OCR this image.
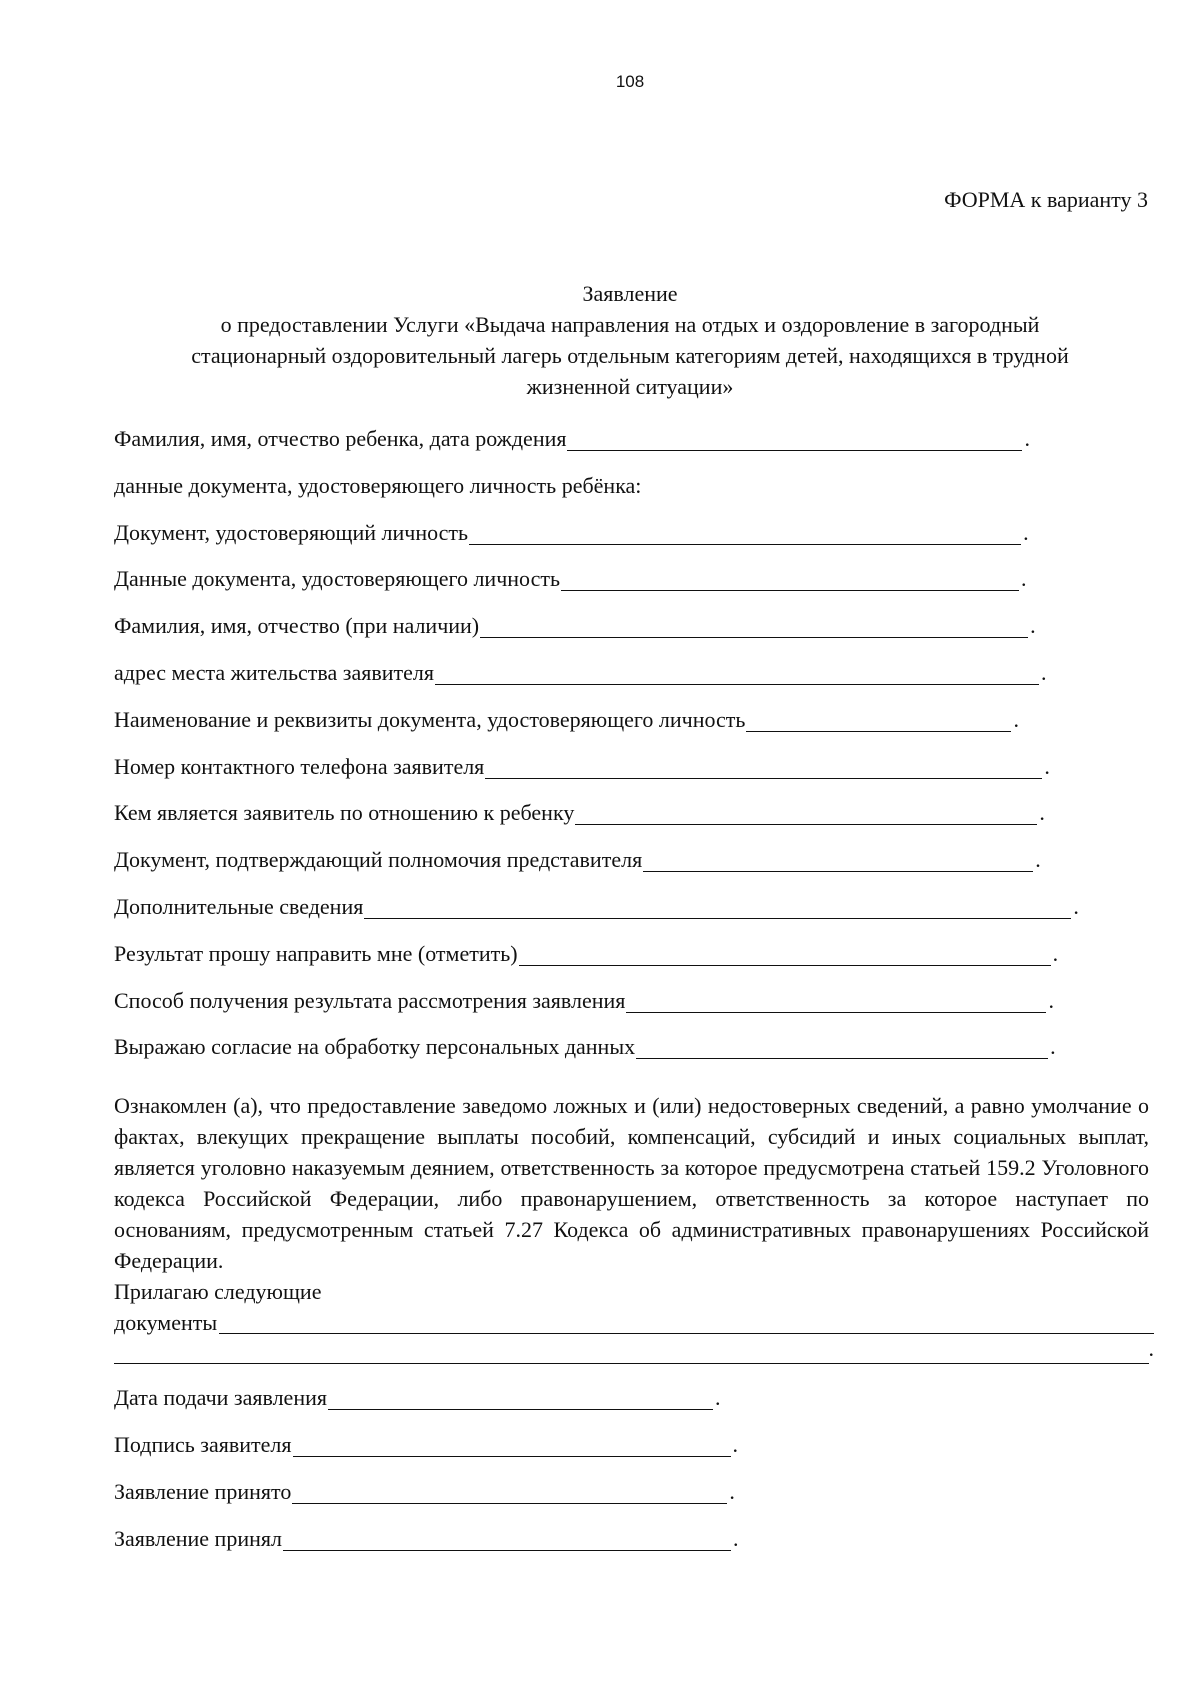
108
ФОРМА к варианту 3
Заявление
о предоставлении Услуги «Выдача направления на отдых и оздоровление в загородный
стационарный оздоровительный лагерь отдельным категориям детей, находящихся в трудной
жизненной ситуации»
Фамилия, имя, отчество ребенка, дата рождения	.
данные документа, удостоверяющего личность ребёнка:
Документ, удостоверяющий личность	.
Данные документа, удостоверяющего личность	.
Фамилия, имя, отчество (при наличии)	.
адрес места жительства заявителя	.
Наименование и реквизиты документа, удостоверяющего личность	.
Номер контактного телефона заявителя	.
Кем является заявитель по отношению к ребенку	.
Документ, подтверждающий полномочия представителя	.
Дополнительные сведения	.
Результат прошу направить мне (отметить)	.
Способ получения результата рассмотрения заявления	.
Выражаю согласие на обработку персональных данных	.
Ознакомлен (а), что предоставление заведомо ложных и (или) недостоверных сведений, а равно умолчание о фактах, влекущих прекращение выплаты пособий, компенсаций, субсидий и иных социальных выплат, является уголовно наказуемым деянием, ответственность за которое предусмотрена статьей 159.2 Уголовного кодекса Российской Федерации, либо правонарушением, ответственность за которое наступает по основаниям, предусмотренным статьей 7.27 Кодекса об административных правонарушениях Российской Федерации.
Прилагаю следующие
документы
.
Дата подачи заявления	.
Подпись заявителя	.
Заявление принято	.
Заявление принял	.
